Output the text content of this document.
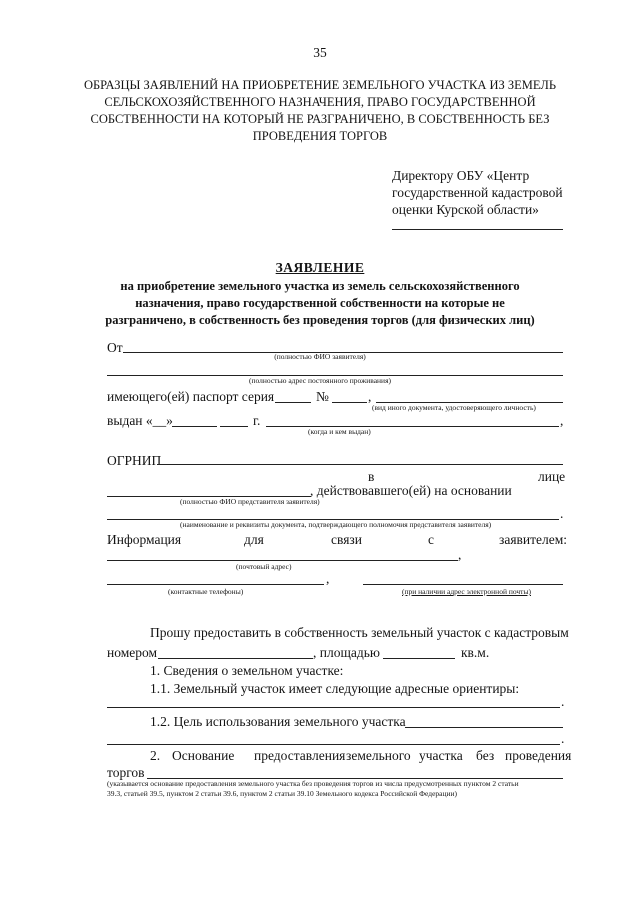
35
ОБРАЗЦЫ ЗАЯВЛЕНИЙ НА ПРИОБРЕТЕНИЕ ЗЕМЕЛЬНОГО УЧАСТКА ИЗ ЗЕМЕЛЬ
СЕЛЬСКОХОЗЯЙСТВЕННОГО НАЗНАЧЕНИЯ, ПРАВО ГОСУДАРСТВЕННОЙ
СОБСТВЕННОСТИ НА КОТОРЫЙ НЕ РАЗГРАНИЧЕНО, В СОБСТВЕННОСТЬ БЕЗ
ПРОВЕДЕНИЯ ТОРГОВ
Директору ОБУ «Центр
государственной кадастровой
оценки Курской области»
ЗАЯВЛЕНИЕ
на приобретение земельного участка из земель сельскохозяйственного
назначения, право государственной собственности на которые не
разграничено, в собственность без проведения торгов (для физических лиц)
От
(полностью ФИО заявителя)
(полностью адрес постоянного проживания)
имеющего(ей) паспорт серия	№	,
(вид иного документа, удостоверяющего личность)
выдан «__»	г.	,
(когда и кем выдан)
ОГРНИП
в	лице
, действовавшего(ей) на основании
(полностью ФИО представителя заявителя)
.
(наименование и реквизиты документа, подтверждающего полномочия представителя заявителя)
Информация	для	связи	с	заявителем:
,
(почтовый адрес)
,
(контактные телефоны)	(при наличии адрес электронной почты)
Прошу предоставить в собственность земельный участок с кадастровым
номером	, площадью	кв.м.
1. Сведения о земельном участке:
1.1. Земельный участок имеет следующие адресные ориентиры:
.
1.2. Цель использования земельного участка
.
2. Основание предоставления земельного участка без проведения
торгов
(указывается основание предоставления земельного участка без проведения торгов из числа предусмотренных пунктом 2 статьи
39.3, статьей 39.5, пунктом 2 статьи 39.6, пунктом 2 статьи 39.10 Земельного кодекса Российской Федерации)
